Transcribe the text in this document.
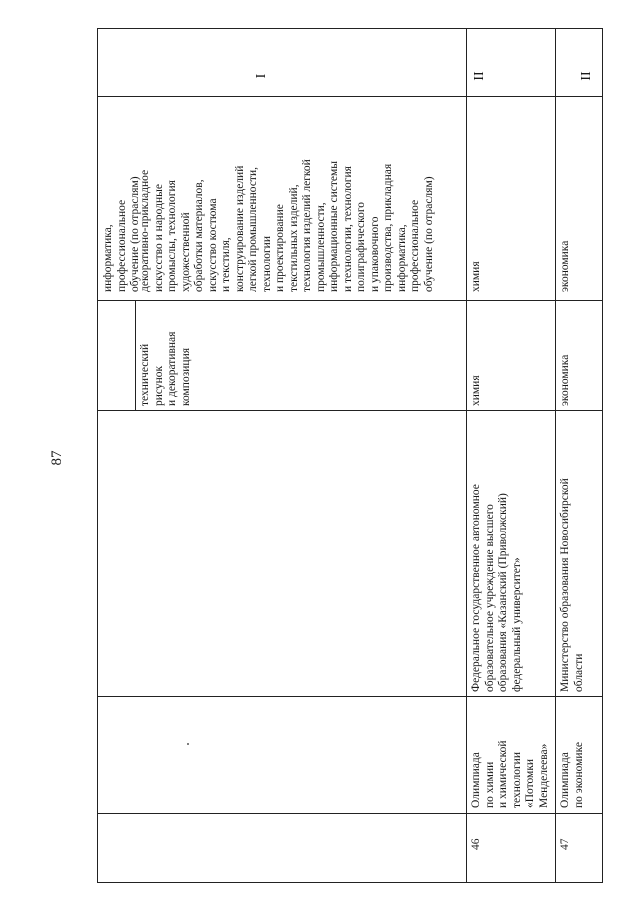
87
информатика,
профессиональное
обучение (по отраслям)
технический
рисунок
и декоративная
композиция
декоративно-прикладное
искусство и народные
промыслы, технология
художественной
обработки материалов,
искусство костюма
и текстиля,
конструирование изделий
легкой промышленности,
технологии
и проектирование
текстильных изделий,
технология изделий легкой
промышленности,
информационные системы
и технологии, технология
полиграфического
и упаковочного
производства, прикладная
информатика,
профессиональное
обучение (по отраслям)
I
46
Олимпиада
по химии
и химической
технологии
«Потомки
Менделеева»
Федеральное государственное автономное
образовательное учреждение высшего
образования «Казанский (Приволжский)
федеральный университет»
химия
химия
II
47
Олимпиада
по экономике
Министерство образования Новосибирской
области
экономика
экономика
II
